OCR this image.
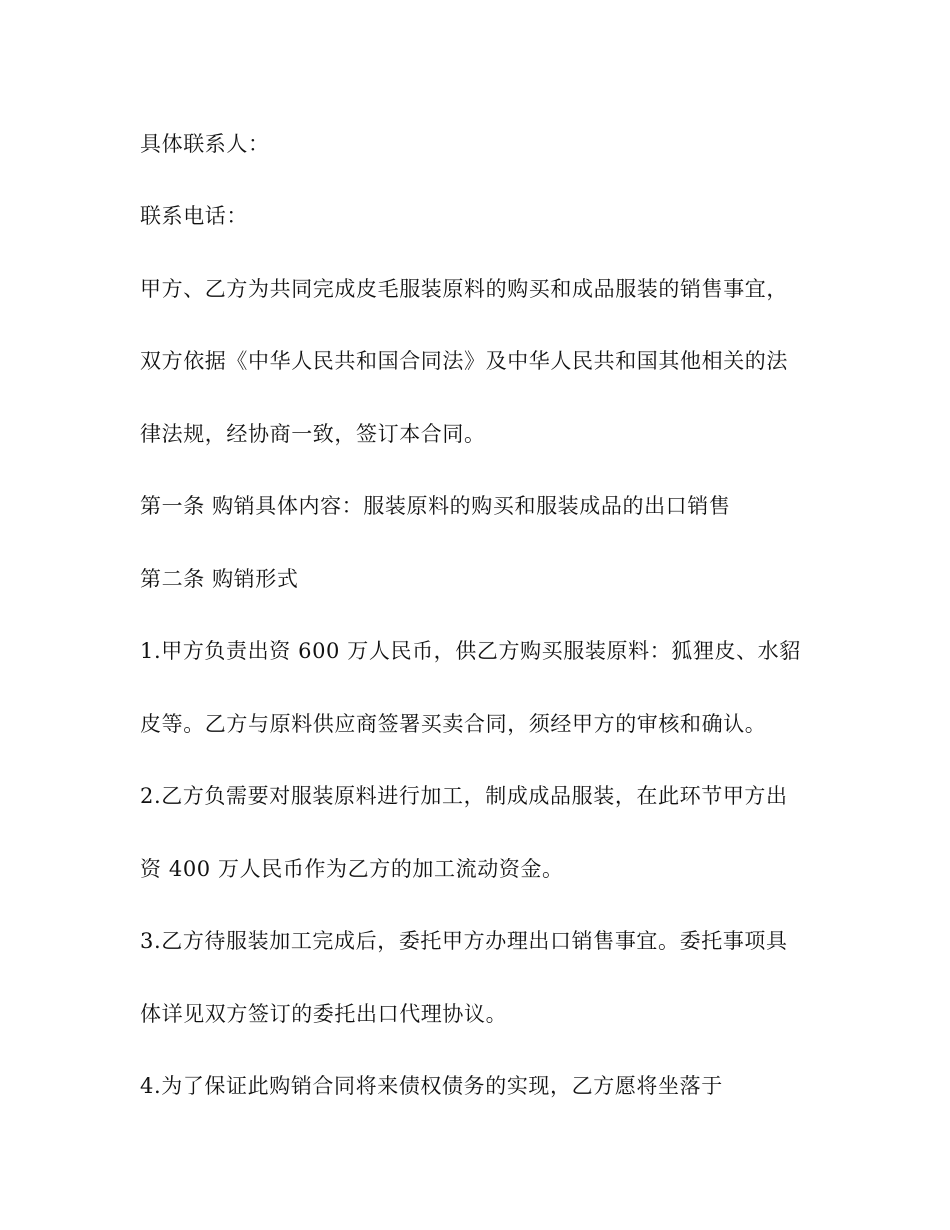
具体联系人：
联系电话：
甲方、乙方为共同完成皮毛服装原料的购买和成品服装的销售事宜，
双方依据《中华人民共和国合同法》及中华人民共和国其他相关的法
律法规，经协商一致，签订本合同。
第一条 购销具体内容：服装原料的购买和服装成品的出口销售
第二条 购销形式
1.甲方负责出资 600 万人民币，供乙方购买服装原料：狐狸皮、水貂
皮等。乙方与原料供应商签署买卖合同，须经甲方的审核和确认。
2.乙方负需要对服装原料进行加工，制成成品服装，在此环节甲方出
资 400 万人民币作为乙方的加工流动资金。
3.乙方待服装加工完成后，委托甲方办理出口销售事宜。委托事项具
体详见双方签订的委托出口代理协议。
4.为了保证此购销合同将来债权债务的实现，乙方愿将坐落于
